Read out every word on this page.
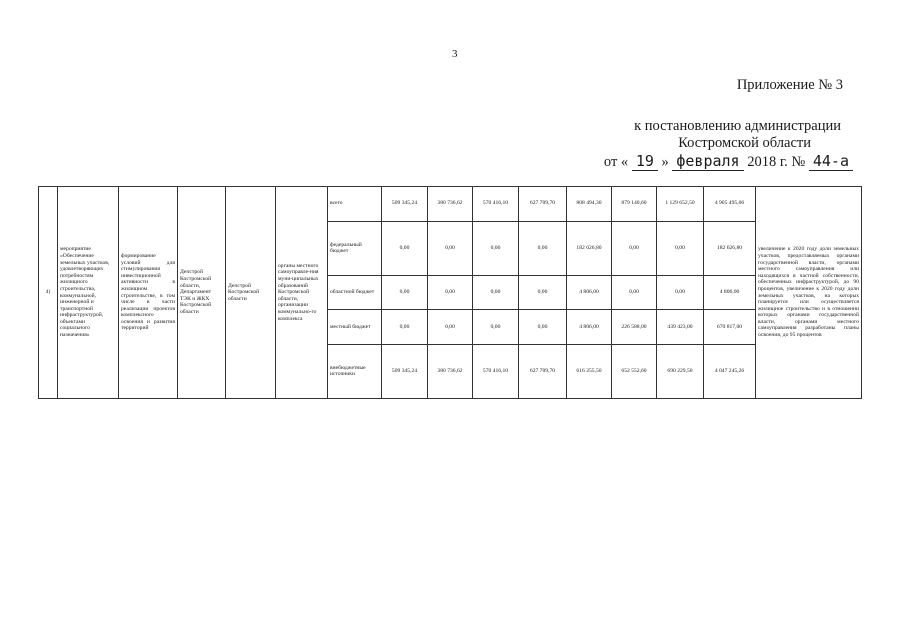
3
Приложение № 3
к постановлению администрации
Костромской области
от « 19 » февраля 2018 г. № 44-а
4)	мероприятие «Обеспечение земельных участков, удовлетворяющих потребностям жилищного строительства, коммунальной, инженерной и транспортной инфраструктурой, объектами социального назначения»	формирование условий для стимулирования инвестиционной активности в жилищном строительстве, в том числе в части реализации проектов комплексного освоения и развития территорий	Депстрой Костромской области, Департамент ТЭК и ЖКХ Костромской области	Депстрой Костромской области	органы местного самоуправле-ния муни-ципальных образований Костромской области, организации коммунально-го комплекса	всего	509 345,24	380 736,62	570 416,10	627 709,70	808 494,30	879 140,60	1 129 652,50	4 905 495,06	увеличение к 2020 году доли земельных участков, предоставляемых органами государственной власти, органами местного самоуправления или находящихся в частной собственности, обеспеченных инфраструктурой, до 90 процентов, увеличение к 2020 году доли земельных участков, на которых планируется или осуществляется жилищное строительство и в отношении которых органами государственной власти, органами местного самоуправления разработаны планы освоения, до 95 процентов
						федеральный бюджет	0,00	0,00	0,00	0,00	182 626,80	0,00	0,00	182 626,80	
						областной бюджет	0,00	0,00	0,00	0,00	4 806,00	0,00	0,00	4 806,00	
						местный бюджет	0,00	0,00	0,00	0,00	4 806,00	226 588,00	439 423,00	670 817,00	
						внебюджетные источники	509 345,24	380 736,62	570 416,10	627 709,70	616 255,50	652 552,60	690 229,50	4 047 245,26	
